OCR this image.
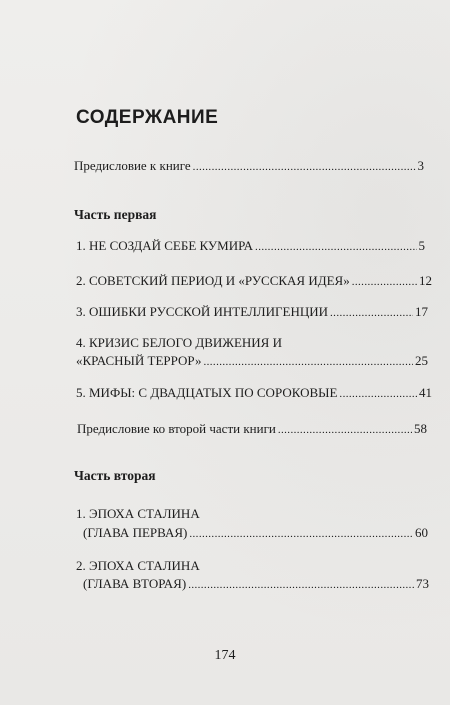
СОДЕРЖАНИЕ
Предисловие к книге .....	3
Часть первая
1. НЕ СОЗДАЙ СЕБЕ КУМИРА .....	5
2. СОВЕТСКИЙ ПЕРИОД И «РУССКАЯ ИДЕЯ» .....	12
3. ОШИБКИ РУССКОЙ ИНТЕЛЛИГЕНЦИИ .....	17
4. КРИЗИС БЕЛОГО ДВИЖЕНИЯ И
«КРАСНЫЙ ТЕРРОР» .....	25
5. МИФЫ: С ДВАДЦАТЫХ ПО СОРОКОВЫЕ .....	41
Предисловие ко второй части книги .....	58
Часть вторая
1. ЭПОХА СТАЛИНА
(ГЛАВА ПЕРВАЯ) .....	60
2. ЭПОХА СТАЛИНА
(ГЛАВА ВТОРАЯ) .....	73
174
